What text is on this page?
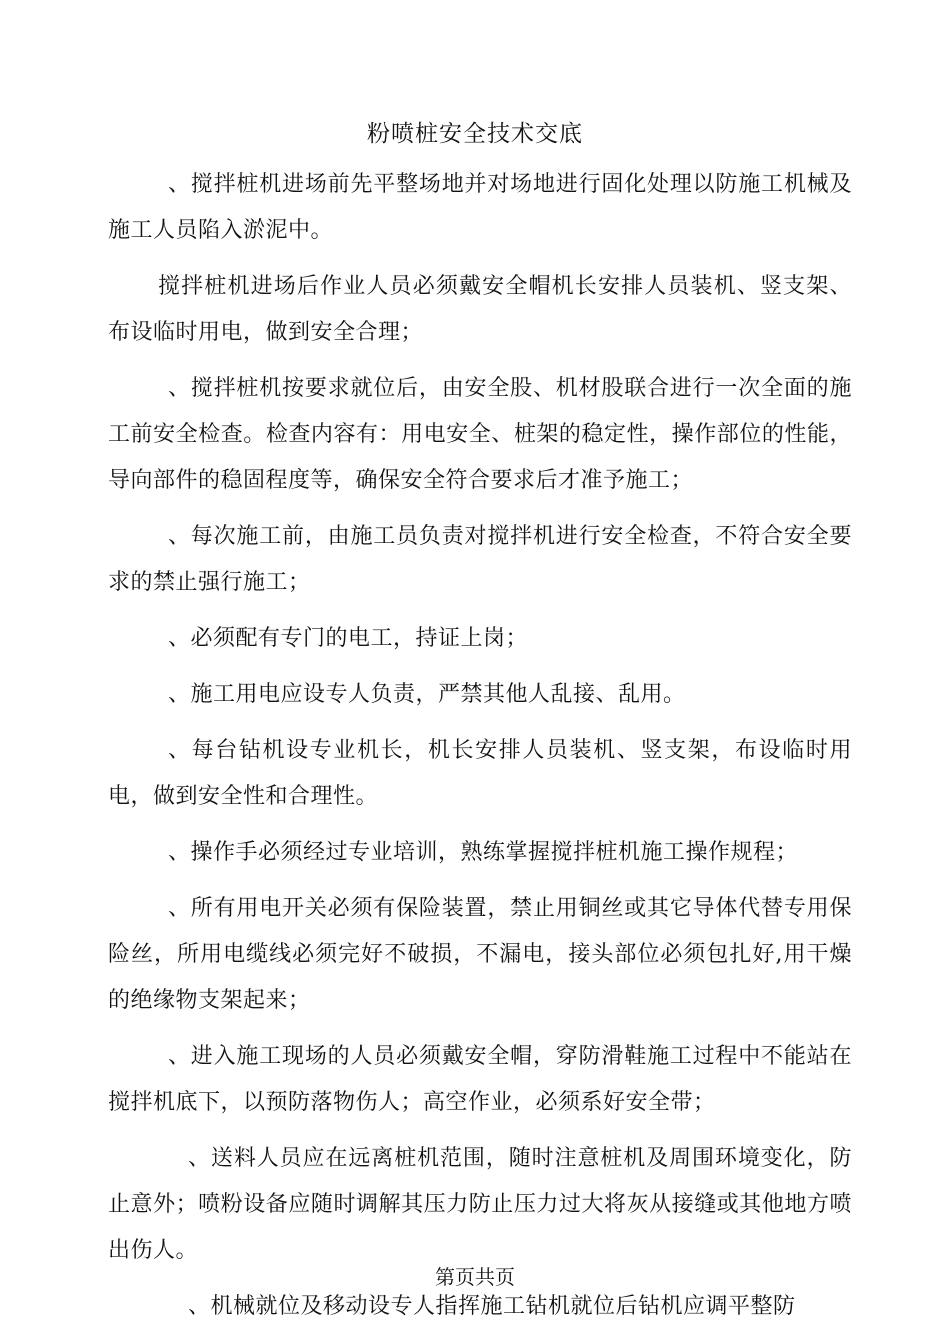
粉喷桩安全技术交底

、搅拌桩机进场前先平整场地并对场地进行固化处理以防施工机械及施工人员陷入淤泥中。

搅拌桩机进场后作业人员必须戴安全帽机长安排人员装机、竖支架、布设临时用电，做到安全合理；

、搅拌桩机按要求就位后，由安全股、机材股联合进行一次全面的施工前安全检查。检查内容有：用电安全、桩架的稳定性，操作部位的性能，导向部件的稳固程度等，确保安全符合要求后才准予施工；

、每次施工前，由施工员负责对搅拌机进行安全检查，不符合安全要求的禁止强行施工；

、必须配有专门的电工，持证上岗；

、施工用电应设专人负责，严禁其他人乱接、乱用。

、每台钻机设专业机长，机长安排人员装机、竖支架，布设临时用电，做到安全性和合理性。

、操作手必须经过专业培训，熟练掌握搅拌桩机施工操作规程；

、所有用电开关必须有保险装置，禁止用铜丝或其它导体代替专用保险丝，所用电缆线必须完好不破损，不漏电，接头部位必须包扎好,用干燥的绝缘物支架起来；

、进入施工现场的人员必须戴安全帽，穿防滑鞋施工过程中不能站在搅拌机底下，以预防落物伤人；高空作业，必须系好安全带；

、送料人员应在远离桩机范围，随时注意桩机及周围环境变化，防止意外；喷粉设备应随时调解其压力防止压力过大将灰从接缝或其他地方喷出伤人。

、机械就位及移动设专人指挥施工钻机就位后钻机应调平整防

第页共页
